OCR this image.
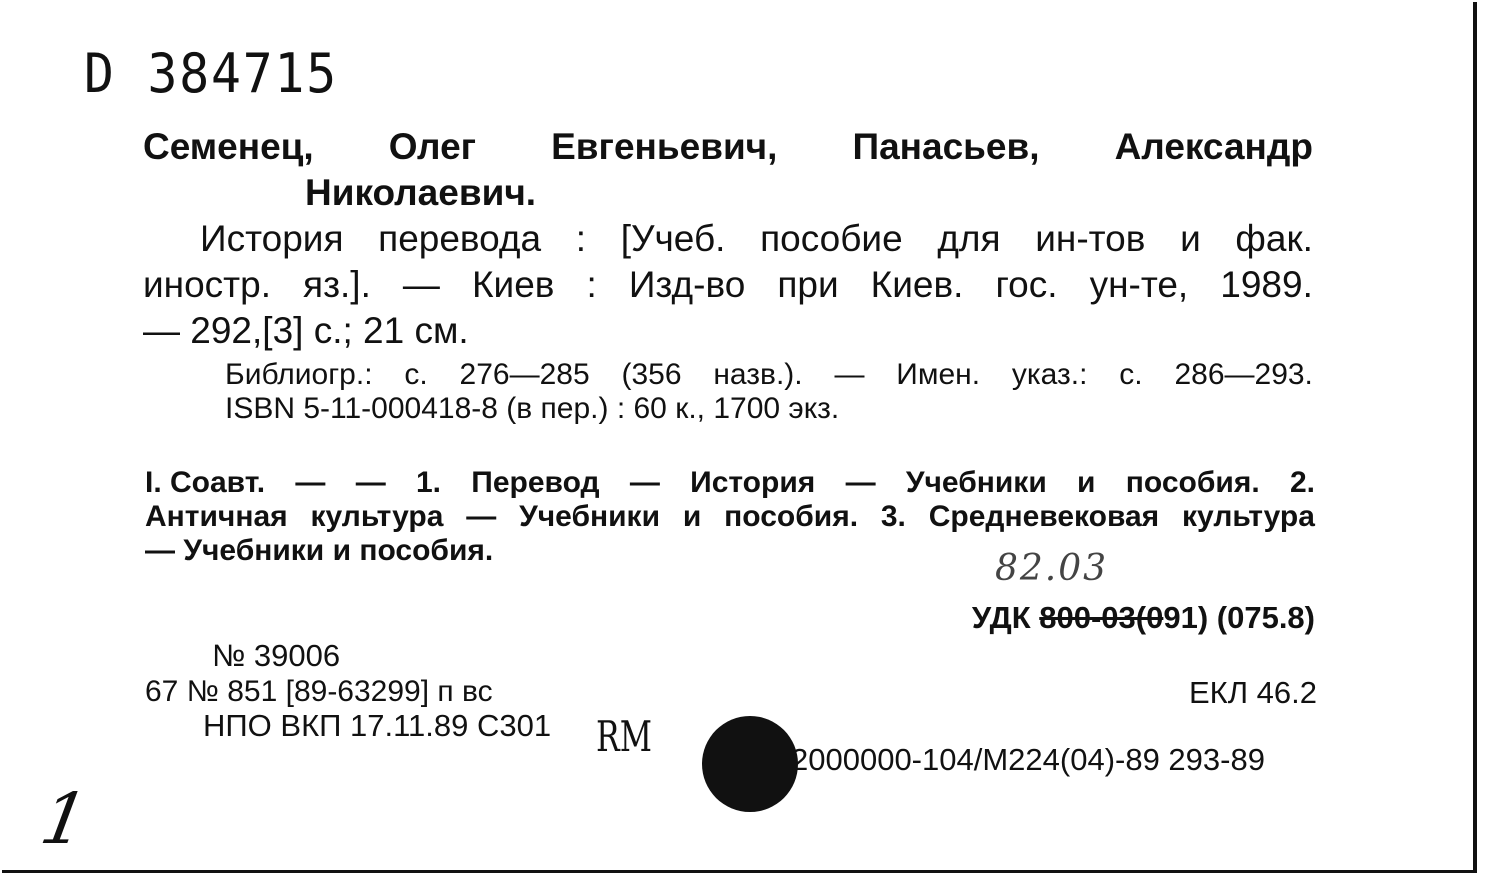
D 384715
Семенец, Олег Евгеньевич, Панасьев, Александр
Николаевич.
История перевода : [Учеб. пособие для ин-тов и фак.
иностр. яз.]. — Киев : Изд-во при Киев. гос. ун-те, 1989.
— 292,[3] с.; 21 см.
Библиогр.: с. 276—285 (356 назв.). — Имен. указ.: с. 286—293.
ISBN 5-11-000418-8 (в пер.) : 60 к., 1700 экз.
I. Соавт. — — 1. Перевод — История — Учебники и пособия. 2.
Античная культура — Учебники и пособия. 3. Средневековая культура
— Учебники и пособия.	82.03
УДК 800-03(091) (075.8)
№ 39006
67 № 851 [89-63299] п вс	ЕКЛ 46.2
НПО ВКП 17.11.89 С301 RM	2000000-104/М224(04)-89 293-89
1
